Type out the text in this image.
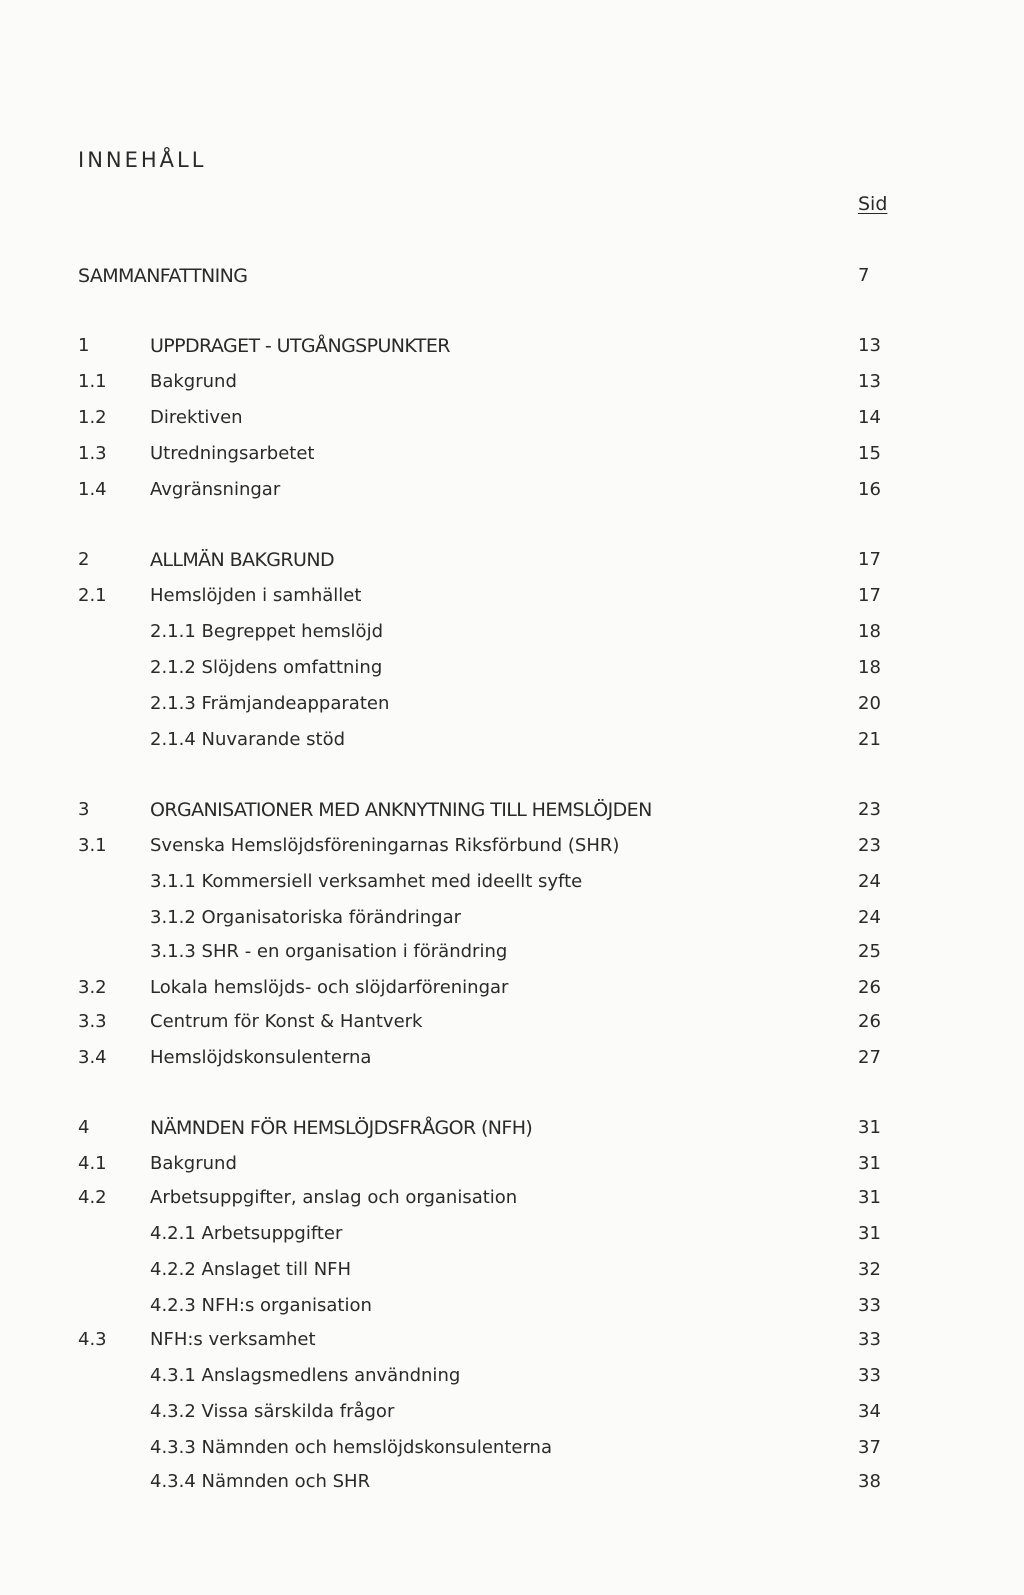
INNEHÅLL
Sid
SAMMANFATTNING	7
1	UPPDRAGET - UTGÅNGSPUNKTER	13
1.1 Bakgrund	13
1.2 Direktiven	14
1.3 Utredningsarbetet	15
1.4 Avgränsningar	16
2	ALLMÄN BAKGRUND	17
2.1 Hemslöjden i samhället	17
2.1.1 Begreppet hemslöjd	18
2.1.2 Slöjdens omfattning	18
2.1.3 Främjandeapparaten	20
2.1.4 Nuvarande stöd	21
3	ORGANISATIONER MED ANKNYTNING TILL HEMSLÖJDEN	23
3.1 Svenska Hemslöjdsföreningarnas Riksförbund (SHR)	23
3.1.1 Kommersiell verksamhet med ideellt syfte	24
3.1.2 Organisatoriska förändringar	24
3.1.3 SHR - en organisation i förändring	25
3.2 Lokala hemslöjds- och slöjdarföreningar	26
3.3 Centrum för Konst & Hantverk	26
3.4 Hemslöjdskonsulenterna	27
4	NÄMNDEN FÖR HEMSLÖJDSFRÅGOR (NFH)	31
4.1 Bakgrund	31
4.2 Arbetsuppgifter, anslag och organisation	31
4.2.1 Arbetsuppgifter	31
4.2.2 Anslaget till NFH	32
4.2.3 NFH:s organisation	33
4.3 NFH:s verksamhet	33
4.3.1 Anslagsmedlens användning	33
4.3.2 Vissa särskilda frågor	34
4.3.3 Nämnden och hemslöjdskonsulenterna	37
4.3.4 Nämnden och SHR	38
